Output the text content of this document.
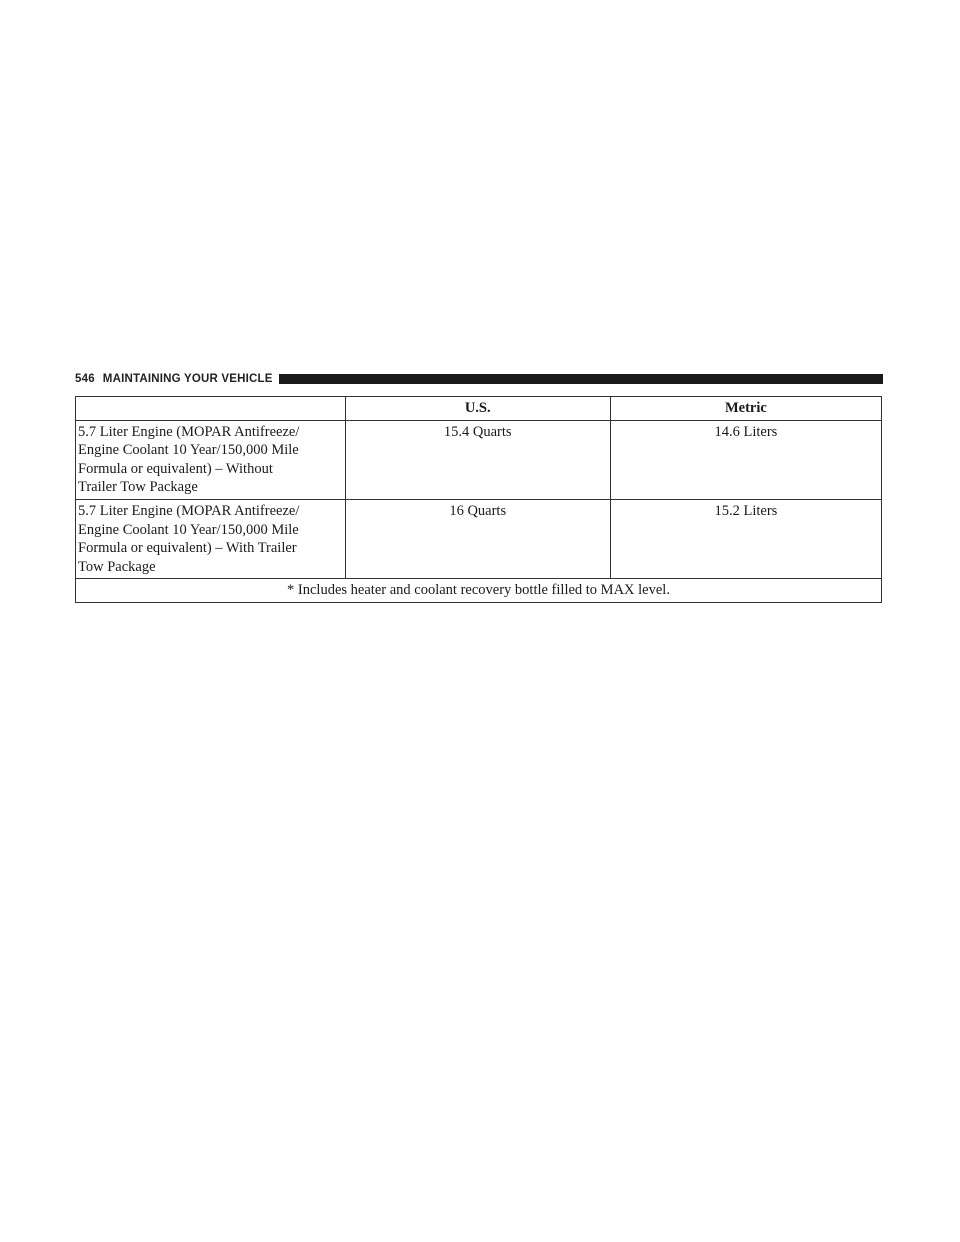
546 MAINTAINING YOUR VEHICLE
	U.S.	Metric

5.7 Liter Engine (MOPAR Antifreeze/
Engine Coolant 10 Year/150,000 Mile
Formula or equivalent) – Without
Trailer Tow Package	15.4 Quarts	14.6 Liters

5.7 Liter Engine (MOPAR Antifreeze/
Engine Coolant 10 Year/150,000 Mile
Formula or equivalent) – With Trailer
Tow Package	16 Quarts	15.2 Liters
* Includes heater and coolant recovery bottle filled to MAX level.		
